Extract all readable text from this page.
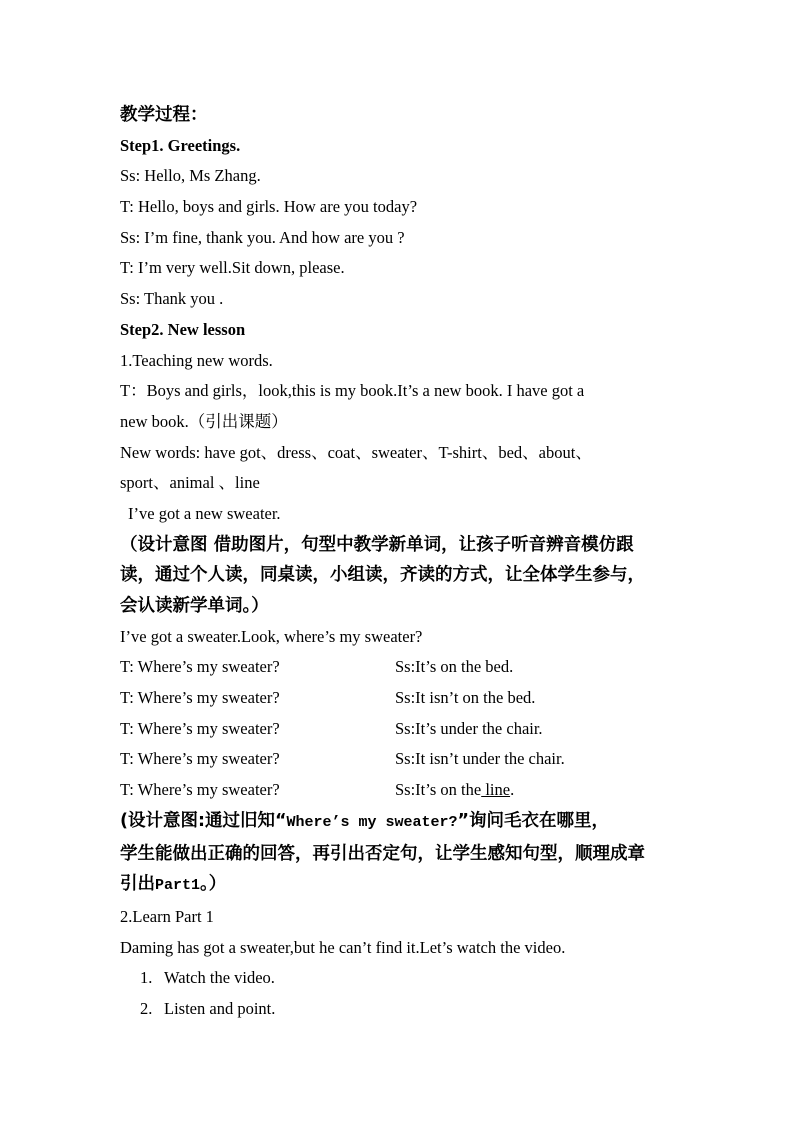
教学过程：
Step1. Greetings.
Ss: Hello, Ms Zhang.
T: Hello, boys and girls. How are you today?
Ss: I’m fine, thank you. And how are you ?
T: I’m very well.Sit down, please.
Ss: Thank you .
Step2. New lesson
1.Teaching new words.
T：Boys and girls，look,this is my book.It’s a new book. I have got a
new book.（引出课题）
New words: have got、dress、coat、sweater、T-shirt、bed、about、
sport、animal 、line
I’ve got a new sweater.
（设计意图 借助图片，句型中教学新单词，让孩子听音辨音模仿跟
读，通过个人读，同桌读，小组读，齐读的方式，让全体学生参与，
会认读新学单词。）
I’ve got a sweater.Look, where’s my sweater?
T: Where’s my sweater?	Ss:It’s on the bed.
T: Where’s my sweater?	Ss:It isn’t on the bed.
T: Where’s my sweater?	Ss:It’s under the chair.
T: Where’s my sweater?	Ss:It isn’t under the chair.
T: Where’s my sweater?	Ss:It’s on the line.
(设计意图:通过旧知“Where’s my sweater?”询问毛衣在哪里，
学生能做出正确的回答，再引出否定句，让学生感知句型，顺理成章
引出Part1。）
2.Learn Part 1
Daming has got a sweater,but he can’t find it.Let’s watch the video.
1. Watch the video.
2. Listen and point.
